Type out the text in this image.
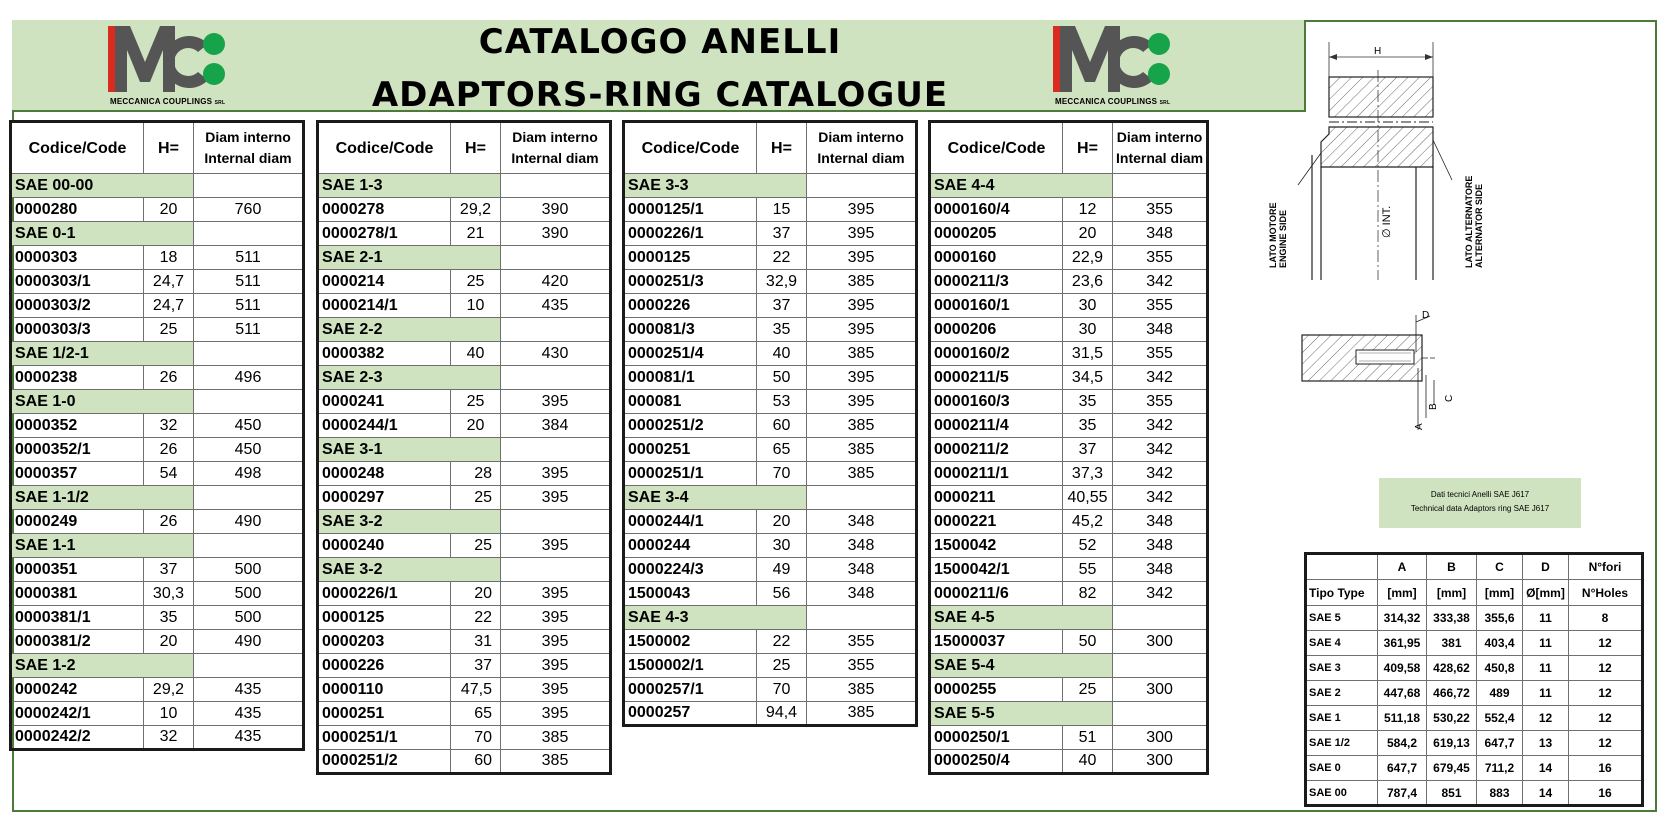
MECCANICA COUPLINGS SRL	MECCANICA COUPLINGS SRL
CATALOGO ANELLI
ADAPTORS-RING CATALOGUE
Codice/Code	H=	Diam interno
Internal diam

SAE 00-00		
0000280	20	760
SAE 0-1		
0000303	18	511
0000303/1	24,7	511
0000303/2	24,7	511
0000303/3	25	511
SAE 1/2-1		
0000238	26	496
SAE 1-0		
0000352	32	450
0000352/1	26	450
0000357	54	498
SAE 1-1/2		
0000249	26	490
SAE 1-1		
0000351	37	500
0000381	30,3	500
0000381/1	35	500
0000381/2	20	490
SAE 1-2		
0000242	29,2	435
0000242/1	10	435
0000242/2	32	435
Codice/Code	H=	Diam interno
Internal diam

SAE 1-3		
0000278	29,2	390
0000278/1	21	390
SAE 2-1		
0000214	25	420
0000214/1	10	435
SAE 2-2		
0000382	40	430
SAE 2-3		
0000241	25	395
0000244/1	20	384
SAE 3-1		
0000248	28	395
0000297	25	395
SAE 3-2		
0000240	25	395
SAE 3-2		
0000226/1	20	395
0000125	22	395
0000203	31	395
0000226	37	395
0000110	47,5	395
0000251	65	395
0000251/1	70	385
0000251/2	60	385
Codice/Code	H=	Diam interno
Internal diam

SAE 3-3		
0000125/1	15	395
0000226/1	37	395
0000125	22	395
0000251/3	32,9	385
0000226	37	395
000081/3	35	395
0000251/4	40	385
000081/1	50	395
000081	53	395
0000251/2	60	385
0000251	65	385
0000251/1	70	385
SAE 3-4		
0000244/1	20	348
0000244	30	348
0000224/3	49	348
1500043	56	348
SAE 4-3		
1500002	22	355
1500002/1	25	355
0000257/1	70	385
0000257	94,4	385
Codice/Code	H=	Diam interno
Internal diam

SAE 4-4		
0000160/4	12	355
0000205	20	348
0000160	22,9	355
0000211/3	23,6	342
0000160/1	30	355
0000206	30	348
0000160/2	31,5	355
0000211/5	34,5	342
0000160/3	35	355
0000211/4	35	342
0000211/2	37	342
0000211/1	37,3	342
0000211	40,55	342
0000221	45,2	348
1500042	52	348
1500042/1	55	348
0000211/6	82	342
SAE 4-5		
15000037	50	300
SAE 5-4		
0000255	25	300
SAE 5-5		
0000250/1	51	300
0000250/4	40	300
H
LATO MOTORE ENGINE SIDE	LATO ALTERNATORE ALTERNATOR SIDE
∅ INT.
D
A
B
C
Dati tecnici Anelli SAE J617
Technical data Adaptors ring SAE J617
	A	B	C	D	N°fori
Tipo Type	[mm]	[mm]	[mm]	Ø[mm]	N°Holes
SAE 5	314,32	333,38	355,6	11	8
SAE 4	361,95	381	403,4	11	12
SAE 3	409,58	428,62	450,8	11	12
SAE 2	447,68	466,72	489	11	12
SAE 1	511,18	530,22	552,4	12	12
SAE 1/2	584,2	619,13	647,7	13	12
SAE 0	647,7	679,45	711,2	14	16
SAE 00	787,4	851	883	14	16
